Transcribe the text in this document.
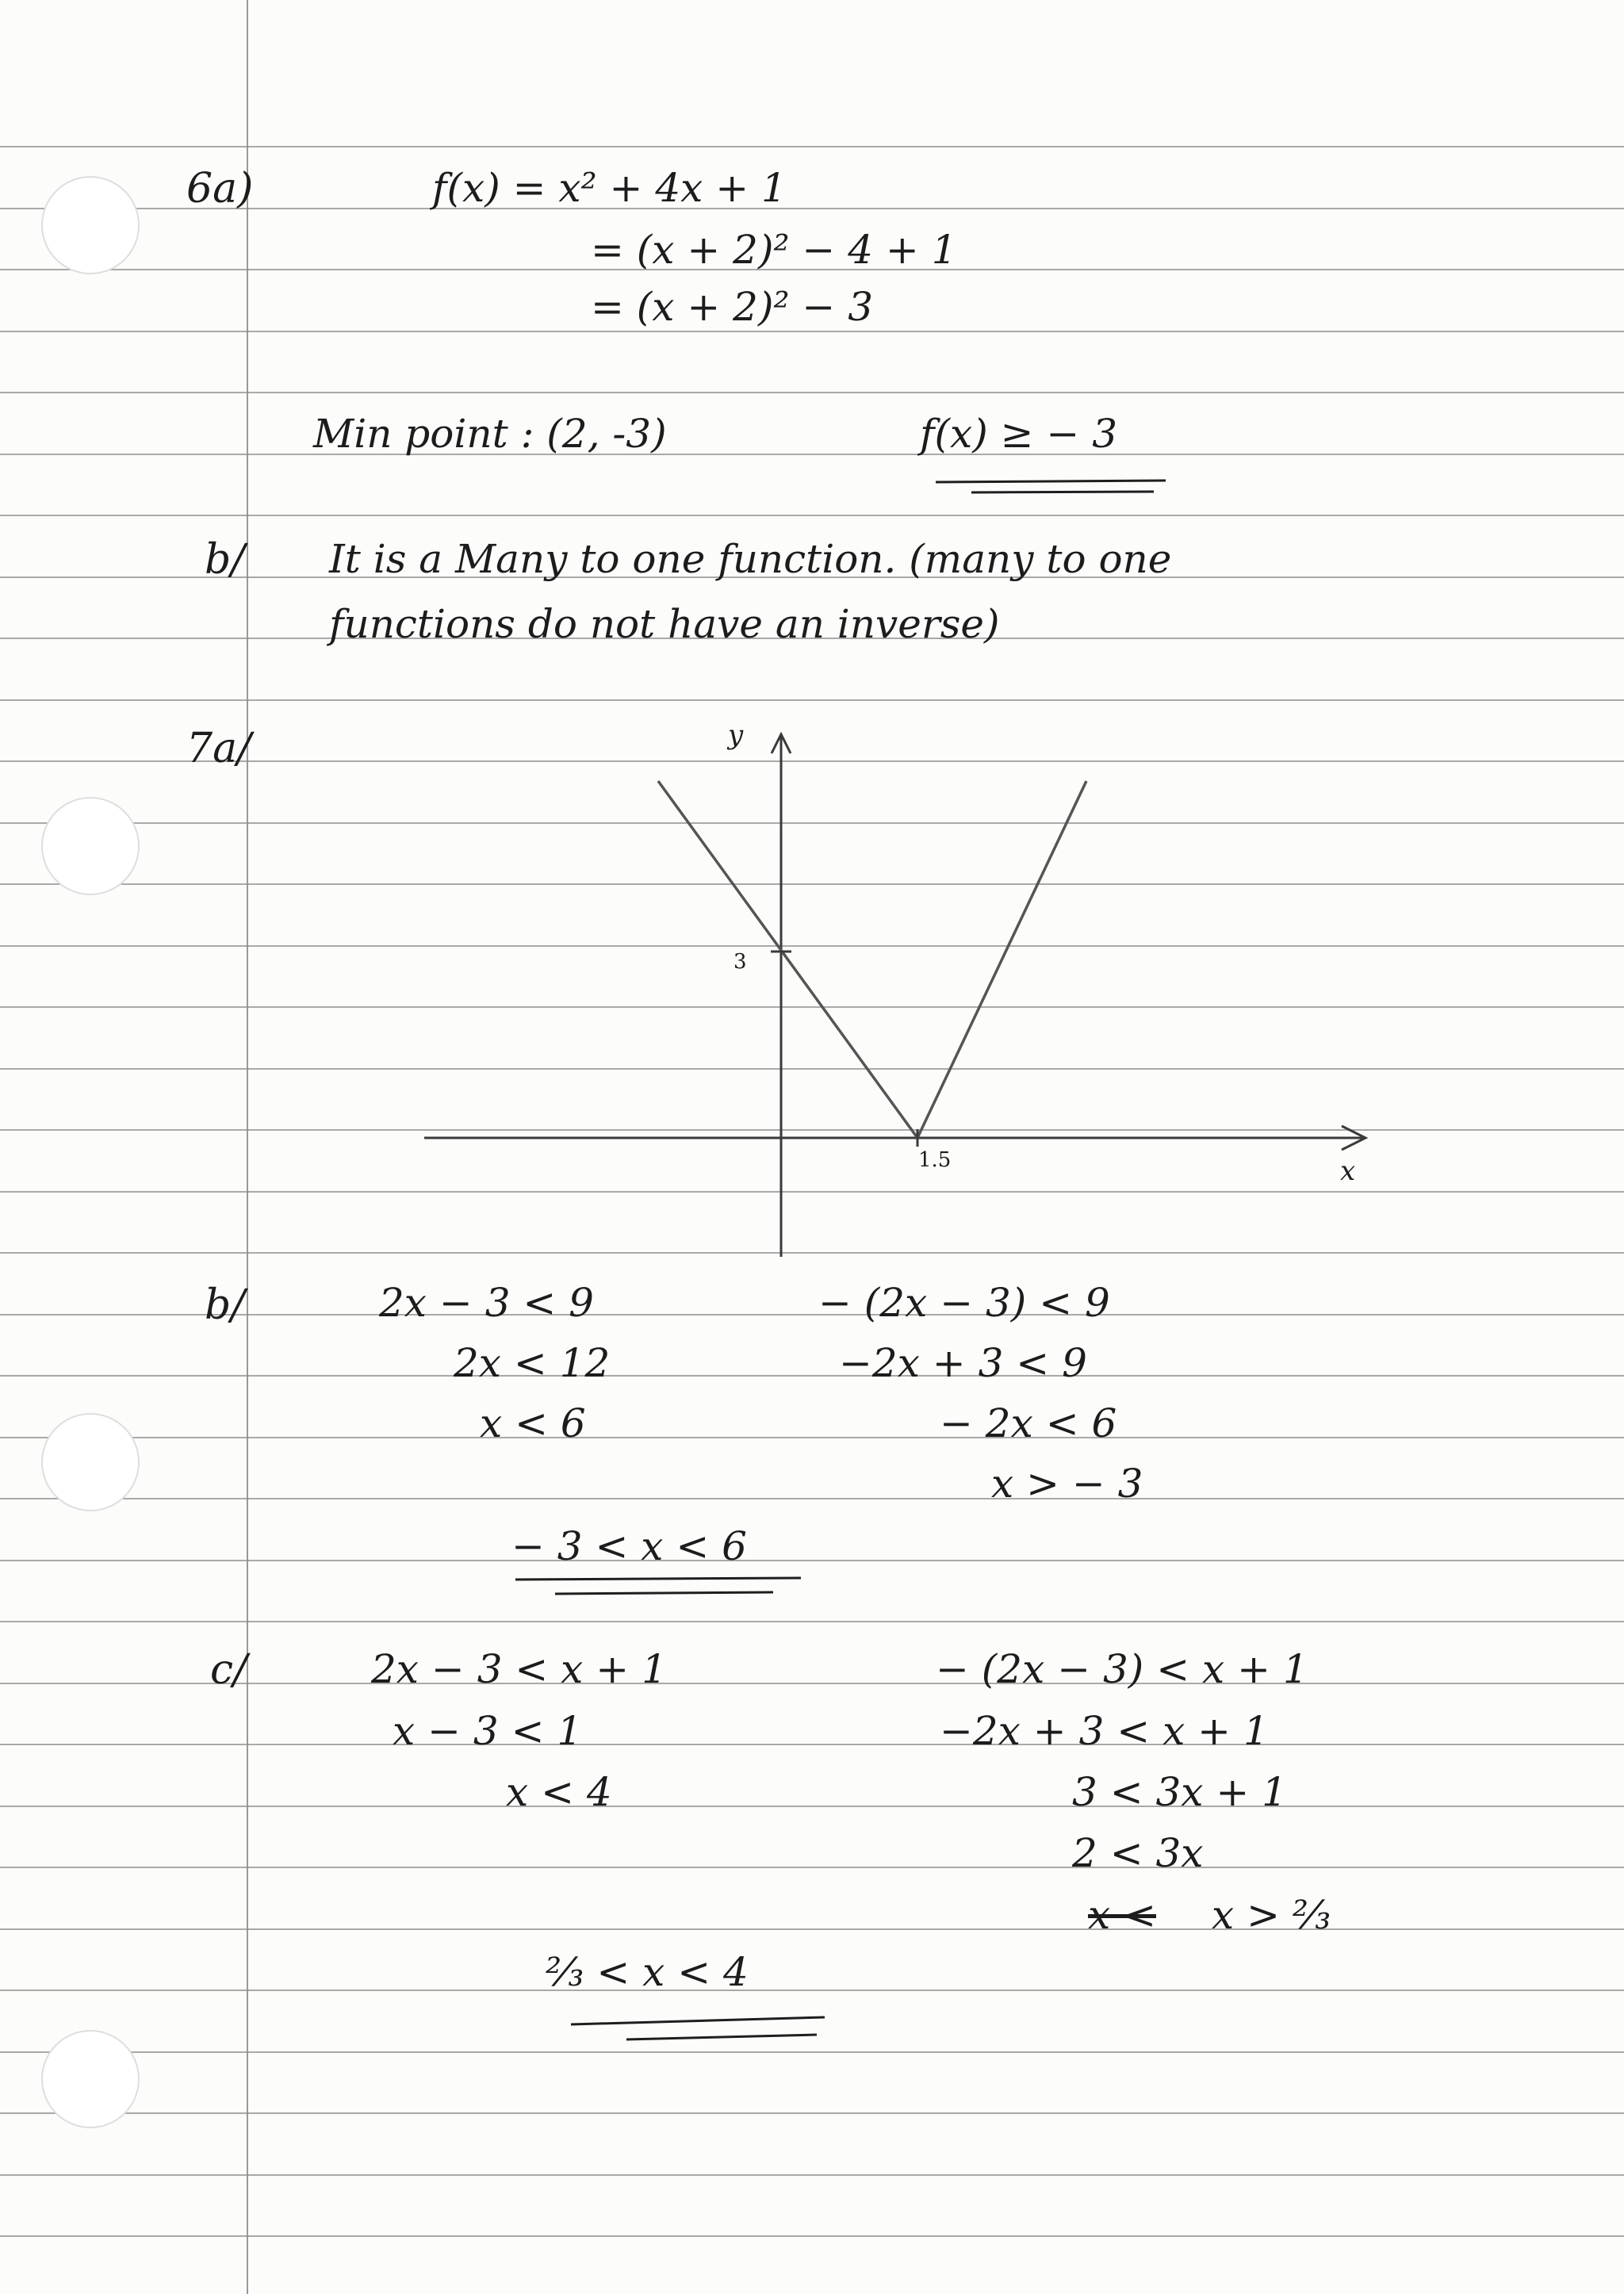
6a)	f(x) = x² + 4x + 1
= (x + 2)² − 4 + 1
= (x + 2)² − 3
Min point : (2, -3)	f(x) ≥ − 3
b/ It is a Many to one function. (many to one
functions do not have an inverse)
7a/	y
x
3
1.5
b/	2x − 3 < 9
2x < 12
x < 6
− (2x − 3) < 9
−2x + 3 < 9
− 2x < 6
x > − 3
− 3 < x < 6
c/	2x − 3 < x + 1
x − 3 < 1
x < 4
− (2x − 3) < x + 1
−2x + 3 < x + 1
3 < 3x + 1
2 < 3x
x < x > ⅔
⅔ < x < 4
